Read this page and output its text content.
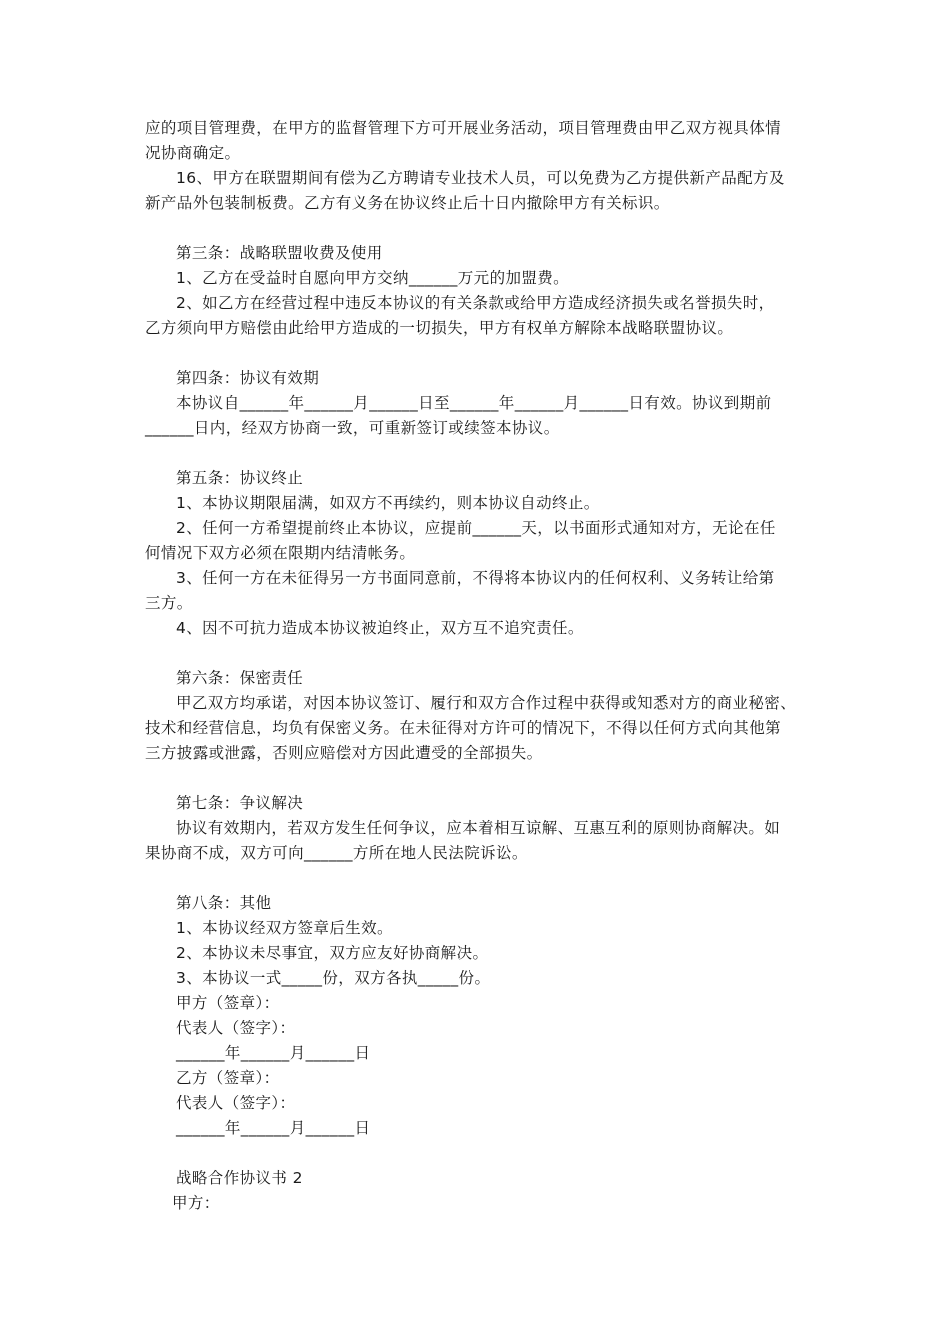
应的项目管理费，在甲方的监督管理下方可开展业务活动，项目管理费由甲乙双方视具体情
况协商确定。
16、甲方在联盟期间有偿为乙方聘请专业技术人员，可以免费为乙方提供新产品配方及
新产品外包装制板费。乙方有义务在协议终止后十日内撤除甲方有关标识。
第三条：战略联盟收费及使用
1、乙方在受益时自愿向甲方交纳______万元的加盟费。
2、如乙方在经营过程中违反本协议的有关条款或给甲方造成经济损失或名誉损失时，
乙方须向甲方赔偿由此给甲方造成的一切损失，甲方有权单方解除本战略联盟协议。
第四条：协议有效期
本协议自______年______月______日至______年______月______日有效。协议到期前
______日内，经双方协商一致，可重新签订或续签本协议。
第五条：协议终止
1、本协议期限届满，如双方不再续约，则本协议自动终止。
2、任何一方希望提前终止本协议，应提前______天，以书面形式通知对方，无论在任
何情况下双方必须在限期内结清帐务。
3、任何一方在未征得另一方书面同意前，不得将本协议内的任何权利、义务转让给第
三方。
4、因不可抗力造成本协议被迫终止，双方互不追究责任。
第六条：保密责任
甲乙双方均承诺，对因本协议签订、履行和双方合作过程中获得或知悉对方的商业秘密、
技术和经营信息，均负有保密义务。在未征得对方许可的情况下，不得以任何方式向其他第
三方披露或泄露，否则应赔偿对方因此遭受的全部损失。
第七条：争议解决
协议有效期内，若双方发生任何争议，应本着相互谅解、互惠互利的原则协商解决。如
果协商不成，双方可向______方所在地人民法院诉讼。
第八条：其他
1、本协议经双方签章后生效。
2、本协议未尽事宜，双方应友好协商解决。
3、本协议一式_____份，双方各执_____份。
甲方（签章）：
代表人（签字）：
______年______月______日
乙方（签章）：
代表人（签字）：
______年______月______日
战略合作协议书 2
甲方：
